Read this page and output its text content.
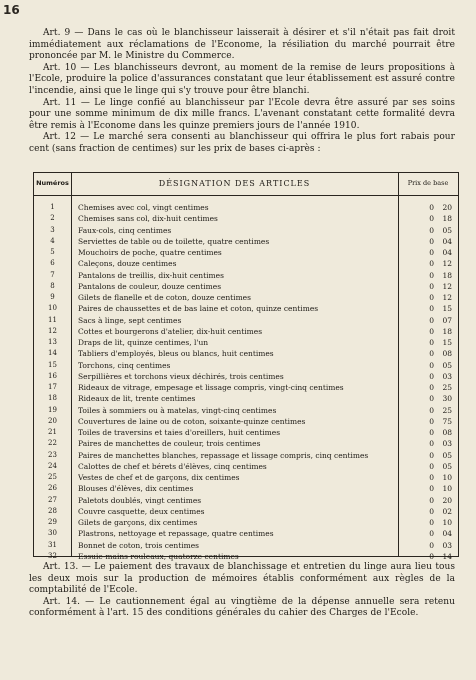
16

Art. 9 — Dans le cas où le blanchisseur laisserait à désirer et s'il n'était pas fait droit immédiatement aux réclamations de l'Econome, la résiliation du marché pourrait être prononcée par M. le Ministre du Commerce.

Art. 10 — Les blanchisseurs devront, au moment de la remise de leurs propositions à l'Ecole, produire la police d'assurances constatant que leur établissement est assuré contre l'incendie, ainsi que le linge qui s'y trouve pour être blanchi.

Art. 11 — Le linge confié au blanchisseur par l'Ecole devra être assuré par ses soins pour une somme minimum de dix mille francs. L'avenant constatant cette formalité devra être remis à l'Econome dans les quinze premiers jours de l'année 1910.

Art. 12 — Le marché sera consenti au blanchisseur qui offrira le plus fort rabais pour cent (sans fraction de centimes) sur les prix de bases ci-après :

Numéros	DÉSIGNATION DES ARTICLES	Prix de base
1	Chemises avec col, vingt centimes	0	20
2	Chemises sans col, dix-huit centimes	0	18
3	Faux-cols, cinq centimes	0	05
4	Serviettes de table ou de toilette, quatre centimes	0	04
5	Mouchoirs de poche, quatre centimes	0	04
6	Caleçons, douze centimes	0	12
7	Pantalons de treillis, dix-huit centimes	0	18
8	Pantalons de couleur, douze centimes	0	12
9	Gilets de flanelle et de coton, douze centimes	0	12
10	Paires de chaussettes et de bas laine et coton, quinze centimes	0	15
11	Sacs à linge, sept centimes	0	07
12	Cottes et bourgerons d'atelier, dix-huit centimes	0	18
13	Draps de lit, quinze centimes, l'un	0	15
14	Tabliers d'employés, bleus ou blancs, huit centimes	0	08
15	Torchons, cinq centimes	0	05
16	Serpillières et torchons vieux déchirés, trois centimes	0	03
17	Rideaux de vitrage, empesage et lissage compris, vingt-cinq centimes	0	25
18	Rideaux de lit, trente centimes	0	30
19	Toiles à sommiers ou à matelas, vingt-cinq centimes	0	25
20	Couvertures de laine ou de coton, soixante-quinze centimes	0	75
21	Toiles de traversins et taies d'oreillers, huit centimes	0	08
22	Paires de manchettes de couleur, trois centimes	0	03
23	Paires de manchettes blanches, repassage et lissage compris, cinq centimes	0	05
24	Calottes de chef et bérets d'élèves, cinq centimes	0	05
25	Vestes de chef et de garçons, dix centimes	0	10
26	Blouses d'élèves, dix centimes	0	10
27	Paletots doublés, vingt centimes	0	20
28	Couvre casquette, deux centimes	0	02
29	Gilets de garçons, dix centimes	0	10
30	Plastrons, nettoyage et repassage, quatre centimes	0	04
31	Bonnet de coton, trois centimes	0	03
32	Essuie-mains rouleaux, quatorze centimes	0	14

Art. 13. — Le paiement des travaux de blanchissage et entretien du linge aura lieu tous les deux mois sur la production de mémoires établis conformément aux règles de la comptabilité de l'Ecole.

Art. 14. — Le cautionnement égal au vingtième de la dépense annuelle sera retenu conformément à l'art. 15 des conditions générales du cahier des Charges de l'Ecole.
